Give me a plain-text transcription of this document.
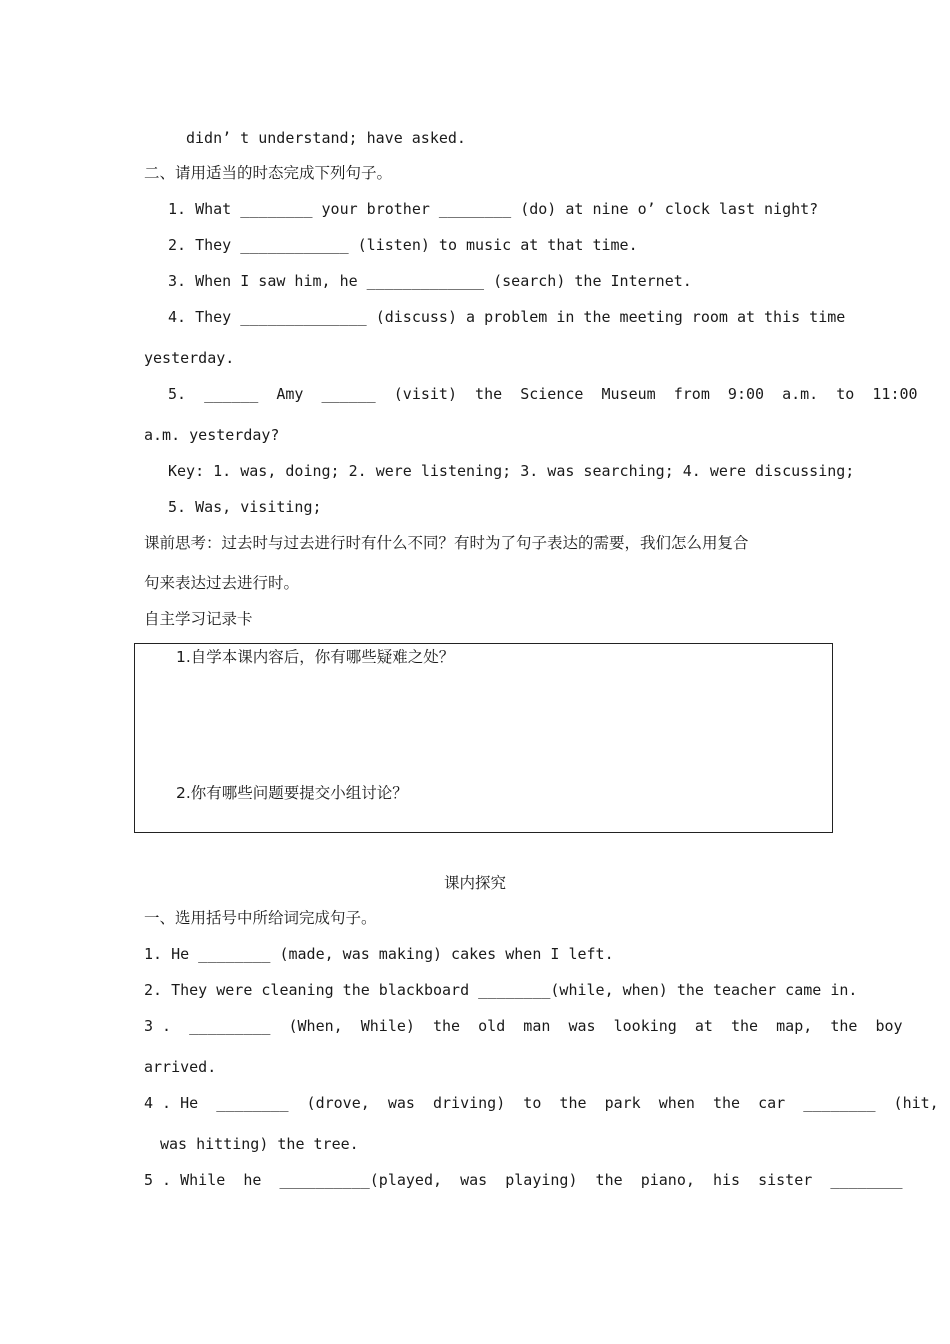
didn’ t understand; have asked.
二、请用适当的时态完成下列句子。
1. What ________ your brother ________ (do) at nine o’ clock last night?
2. They ____________ (listen) to music at that time.
3. When I saw him, he _____________ (search) the Internet.
4. They ______________ (discuss) a problem in the meeting room at this time
yesterday.
5.  ______  Amy  ______  (visit)  the  Science  Museum  from  9:00  a.m.  to  11:00
a.m. yesterday?
Key: 1. was, doing; 2. were listening; 3. was searching; 4. were discussing;
5. Was, visiting;
课前思考：过去时与过去进行时有什么不同？有时为了句子表达的需要，我们怎么用复合
句来表达过去进行时。
自主学习记录卡
1.自学本课内容后，你有哪些疑难之处？
2.你有哪些问题要提交小组讨论？
课内探究
一、选用括号中所给词完成句子。
1. He ________ (made, was making) cakes when I left.
2. They were cleaning the blackboard ________(while, when) the teacher came in.
3 .  _________  (When,  While)  the  old  man  was  looking  at  the  map,  the  boy
arrived.
4 . He  ________  (drove,  was  driving)  to  the  park  when  the  car  ________  (hit,
was hitting) the tree.
5 . While  he  __________(played,  was  playing)  the  piano,  his  sister  ________
